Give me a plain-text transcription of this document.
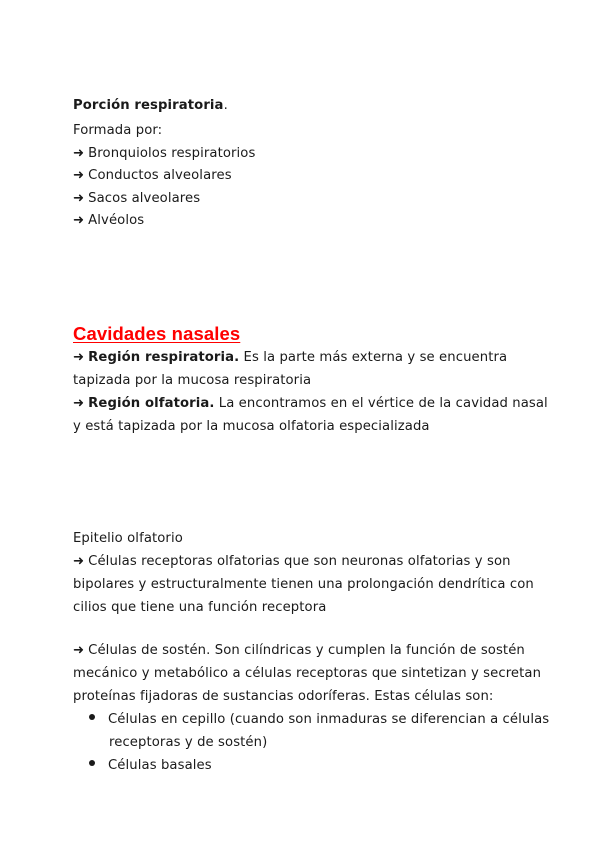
Porción respiratoria.
Formada por:
➜ Bronquiolos respiratorios
➜ Conductos alveolares
➜ Sacos alveolares
➜ Alvéolos
Cavidades nasales
➜ Región respiratoria. Es la parte más externa y se encuentra
tapizada por la mucosa respiratoria
➜ Región olfatoria. La encontramos en el vértice de la cavidad nasal
y está tapizada por la mucosa olfatoria especializada
Epitelio olfatorio
➜ Células receptoras olfatorias que son neuronas olfatorias y son
bipolares y estructuralmente tienen una prolongación dendrítica con
cilios que tiene una función receptora
➜ Células de sostén. Son cilíndricas y cumplen la función de sostén
mecánico y metabólico a células receptoras que sintetizan y secretan
proteínas fijadoras de sustancias odoríferas. Estas células son:
Células en cepillo (cuando son inmaduras se diferencian a células
receptoras y de sostén)
Células basales
